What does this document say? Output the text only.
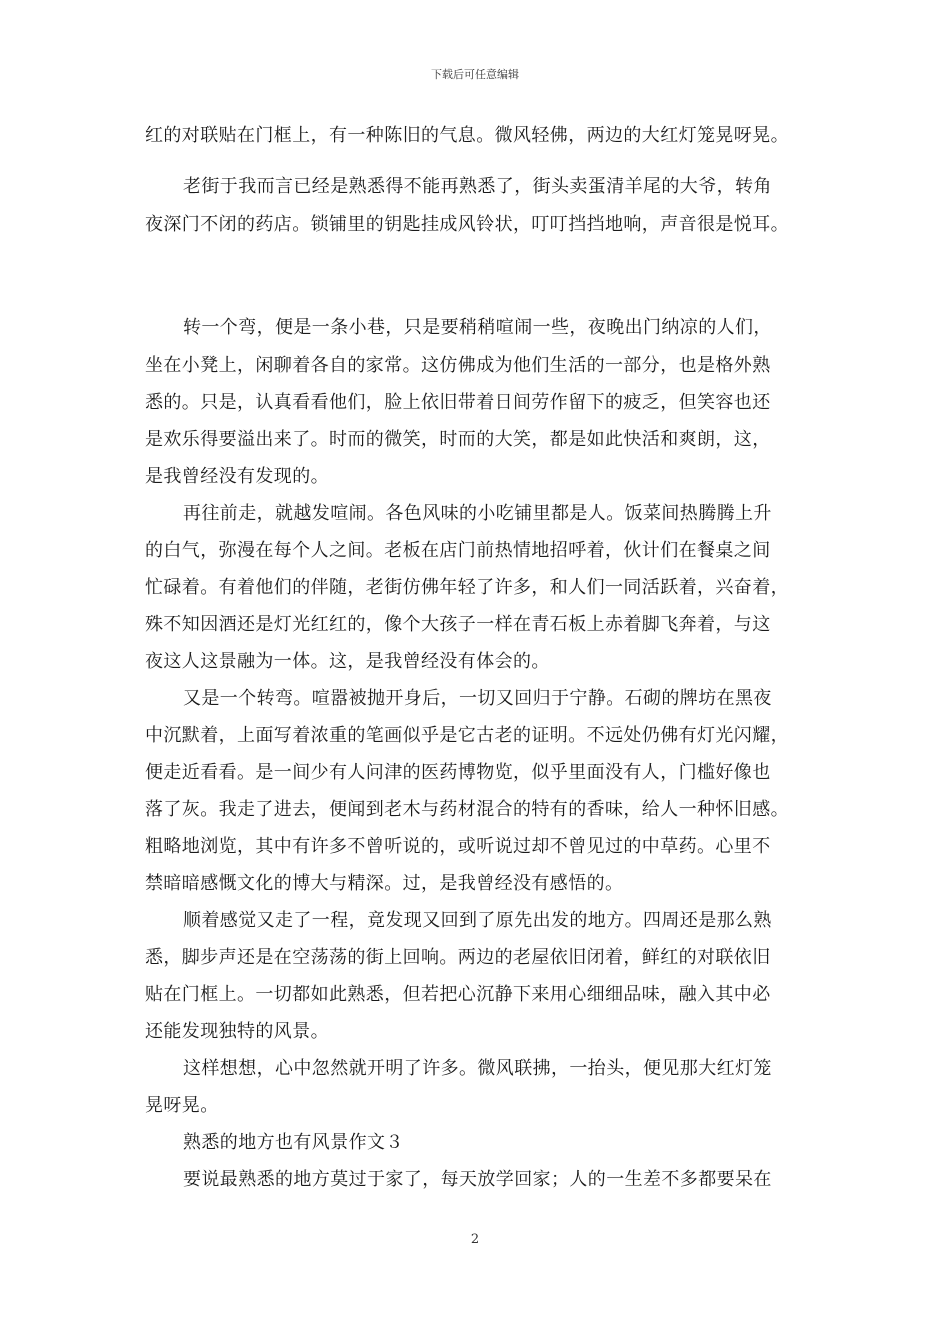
下载后可任意编辑
红的对联贴在门框上，有一种陈旧的气息。微风轻佛，两边的大红灯笼晃呀晃。
老街于我而言已经是熟悉得不能再熟悉了，街头卖蛋清羊尾的大爷，转角
夜深门不闭的药店。锁铺里的钥匙挂成风铃状，叮叮挡挡地响，声音很是悦耳。
转一个弯，便是一条小巷，只是要稍稍喧闹一些，夜晚出门纳凉的人们，
坐在小凳上，闲聊着各自的家常。这仿佛成为他们生活的一部分，也是格外熟
悉的。只是，认真看看他们，脸上依旧带着日间劳作留下的疲乏，但笑容也还
是欢乐得要溢出来了。时而的微笑，时而的大笑，都是如此快活和爽朗，这，
是我曾经没有发现的。
再往前走，就越发喧闹。各色风味的小吃铺里都是人。饭菜间热腾腾上升
的白气，弥漫在每个人之间。老板在店门前热情地招呼着，伙计们在餐桌之间
忙碌着。有着他们的伴随，老街仿佛年轻了许多，和人们一同活跃着，兴奋着，
殊不知因酒还是灯光红红的，像个大孩子一样在青石板上赤着脚飞奔着，与这
夜这人这景融为一体。这，是我曾经没有体会的。
又是一个转弯。喧嚣被抛开身后，一切又回归于宁静。石砌的牌坊在黑夜
中沉默着，上面写着浓重的笔画似乎是它古老的证明。不远处仍佛有灯光闪耀，
便走近看看。是一间少有人问津的医药博物览，似乎里面没有人，门槛好像也
落了灰。我走了进去，便闻到老木与药材混合的特有的香味，给人一种怀旧感。
粗略地浏览，其中有许多不曾听说的，或听说过却不曾见过的中草药。心里不
禁暗暗感慨文化的博大与精深。过，是我曾经没有感悟的。
顺着感觉又走了一程，竟发现又回到了原先出发的地方。四周还是那么熟
悉，脚步声还是在空荡荡的街上回响。两边的老屋依旧闭着，鲜红的对联依旧
贴在门框上。一切都如此熟悉，但若把心沉静下来用心细细品味，融入其中必
还能发现独特的风景。
这样想想，心中忽然就开明了许多。微风联拂，一抬头，便见那大红灯笼
晃呀晃。
熟悉的地方也有风景作文３
要说最熟悉的地方莫过于家了，每天放学回家；人的一生差不多都要呆在
2
